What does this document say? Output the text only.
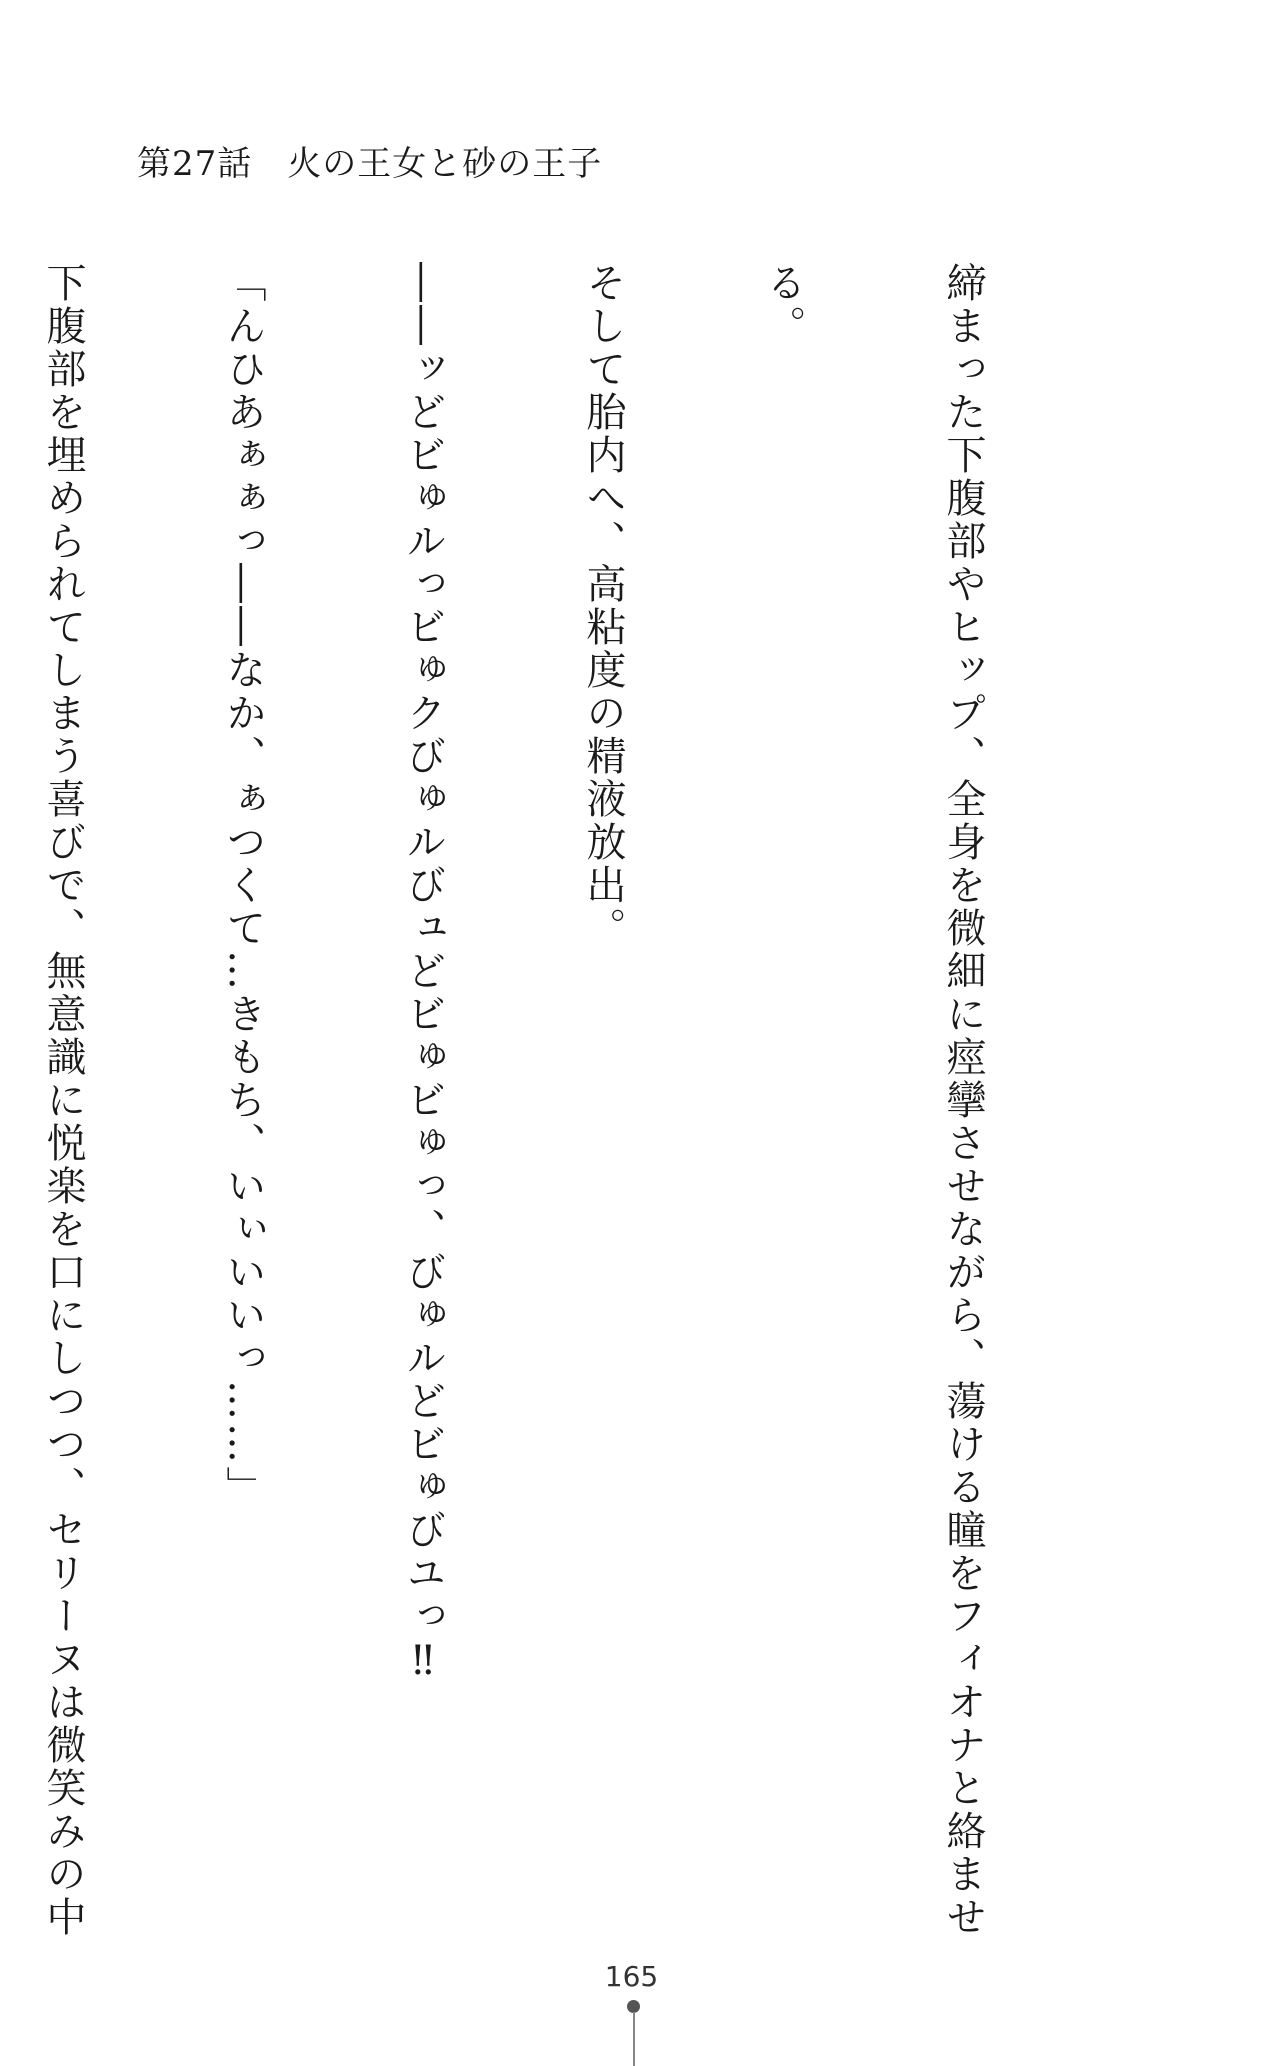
第27話　火の王女と砂の王子

締まった下腹部やヒップ、全身を微細に痙攣させながら、蕩ける瞳をフィオナと絡ませ

る。

そして胎内へ、高粘度の精液放出。

――ッどビゅルっビゅクびゅルびュどビゅビゅっ、びゅルどビゅびユっ‼

「んひあぁぁっ――なか、ぁつくて…きもち、いぃいいっ……」

下腹部を埋められてしまう喜びで、無意識に悦楽を口にしつつ、セリーヌは微笑みの中

165
